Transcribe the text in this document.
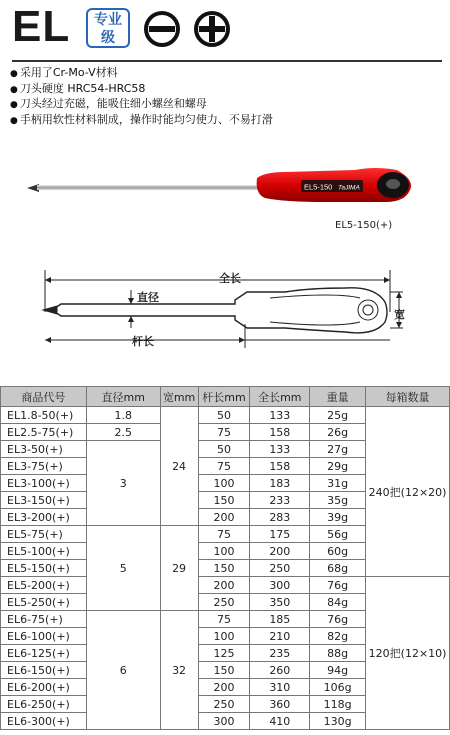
EL	专业
级
● 采用了Cr-Mo-V材料
● 刀头硬度 HRC54-HRC58
● 刀头经过充磁，能吸住细小螺丝和螺母
● 手柄用软性材料制成，操作时能均匀使力、不易打滑
EL5-150 TaJIMA
EL5-150(+)
全长
直径
杆长
宽
商品代号	直径mm	宽mm	杆长mm	全长mm	重量	每箱数量
EL1.8-50(+)	1.8	24	50	133	25g	240把(12×20)
EL2.5-75(+)	2.5		75	158	26g	
EL3-50(+)	3		50	133	27g	
EL3-75(+)			75	158	29g	
EL3-100(+)			100	183	31g	
EL3-150(+)			150	233	35g	
EL3-200(+)			200	283	39g	
EL5-75(+)	5	29	75	175	56g	
EL5-100(+)			100	200	60g	
EL5-150(+)			150	250	68g	
EL5-200(+)			200	300	76g	120把(12×10)
EL5-250(+)			250	350	84g	
EL6-75(+)	6	32	75	185	76g	
EL6-100(+)			100	210	82g	
EL6-125(+)			125	235	88g	
EL6-150(+)			150	260	94g	
EL6-200(+)			200	310	106g	
EL6-250(+)			250	360	118g	
EL6-300(+)			300	410	130g	
